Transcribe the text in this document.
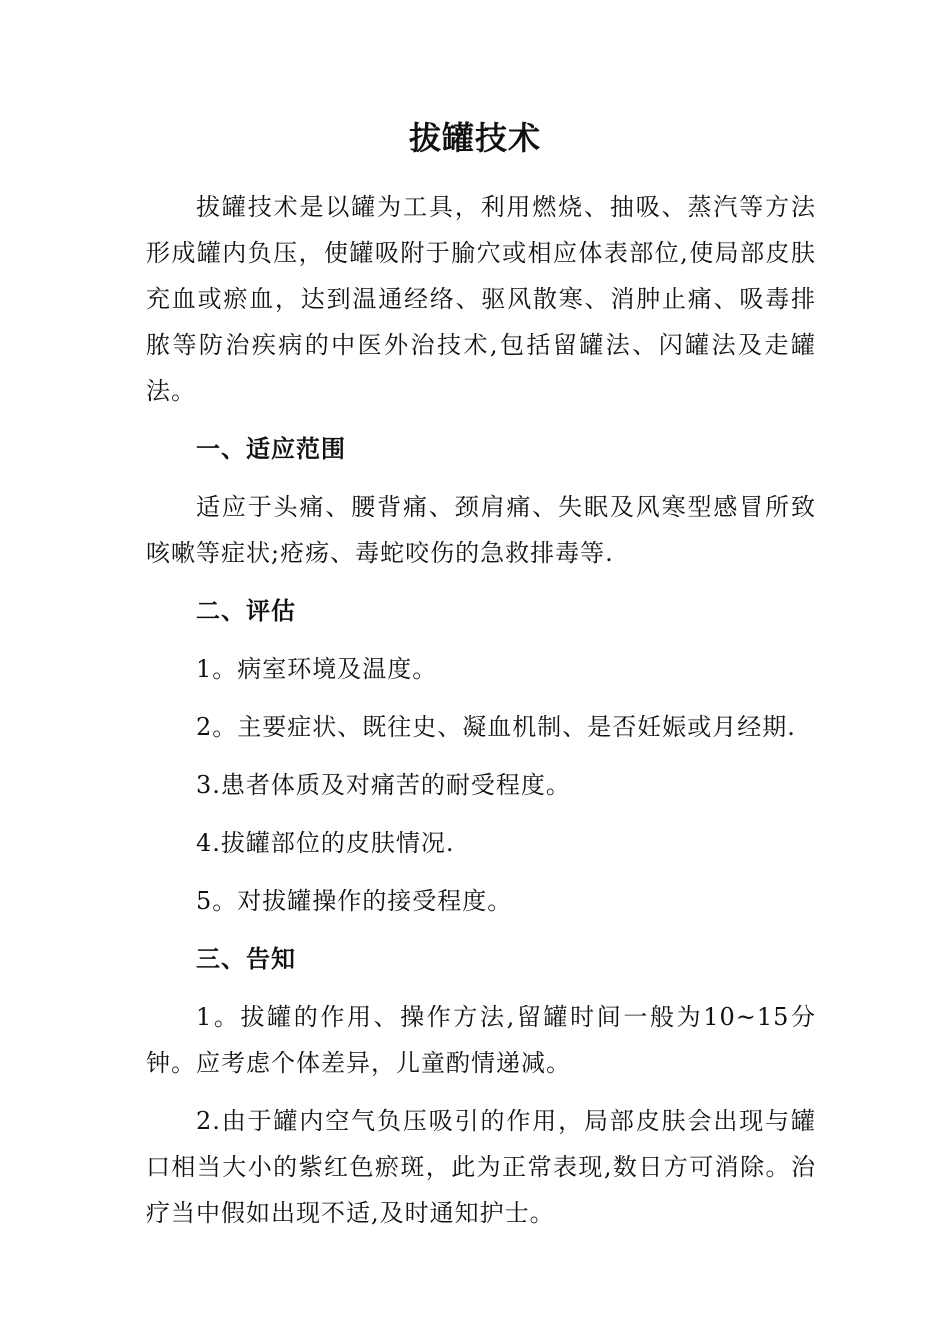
拔罐技术

拔罐技术是以罐为工具，利用燃烧、抽吸、蒸汽等方法形成罐内负压，使罐吸附于腧穴或相应体表部位,使局部皮肤充血或瘀血，达到温通经络、驱风散寒、消肿止痛、吸毒排脓等防治疾病的中医外治技术,包括留罐法、闪罐法及走罐法。

一、适应范围

适应于头痛、腰背痛、颈肩痛、失眠及风寒型感冒所致咳嗽等症状;疮疡、毒蛇咬伤的急救排毒等.

二、评估

1。病室环境及温度。

2。主要症状、既往史、凝血机制、是否妊娠或月经期.

3.患者体质及对痛苦的耐受程度。

4.拔罐部位的皮肤情况.

5。对拔罐操作的接受程度。

三、告知

1。拔罐的作用、操作方法,留罐时间一般为10~15分钟。应考虑个体差异，儿童酌情递减。

2.由于罐内空气负压吸引的作用，局部皮肤会出现与罐口相当大小的紫红色瘀斑，此为正常表现,数日方可消除。治疗当中假如出现不适,及时通知护士。
